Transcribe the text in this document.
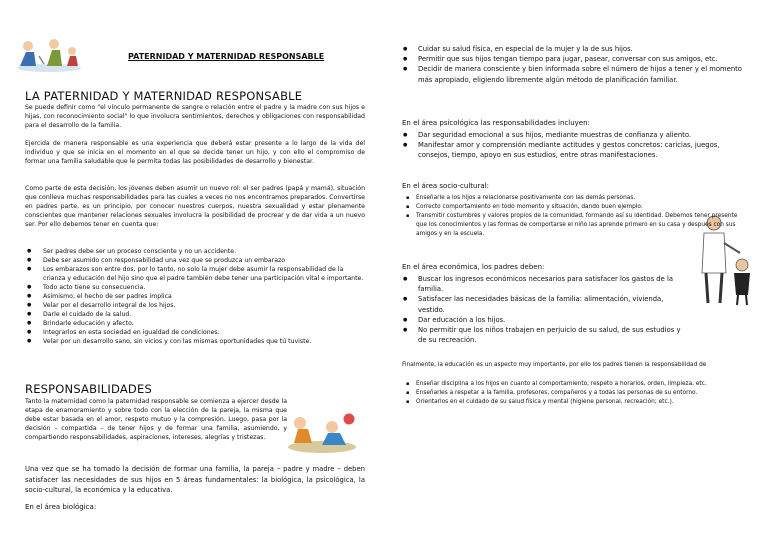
PATERNIDAD Y MATERNIDAD RESPONSABLE
LA PATERNIDAD Y MATERNIDAD RESPONSABLE

Se puede definir como "el vínculo permanente de sangre o relación entre el padre y la madre con sus hijos e hijas, con reconocimiento social" lo que involucra sentimientos, derechos y obligaciones con responsabilidad para el desarrollo de la familia.

Ejercida de manera responsable es una experiencia que deberá estar presente a lo largo de la vida del individuo y que se inicia en el momento en el que se decide tener un hijo, y con ello el compromiso de formar una familia saludable que le permita todas las posibilidades de desarrollo y bienestar.

Como parte de esta decisión, los jóvenes deben asumir un nuevo rol: el ser padres (papá y mamá), situación que conlleva muchas responsabilidades para las cuales a veces no nos encontramos preparados. Convertirse en padres parte, es un principio, por conocer nuestros cuerpos, nuestra sexualidad y estar plenamente conscientes que mantener relaciones sexuales involucra la posibilidad de procrear y de dar vida a un nuevo ser. Por ello debemos tener en cuenta que:

● Ser padres debe ser un proceso consciente y no un accidente.
● Debe ser asumido con responsabilidad una vez que se produzca un embarazo
● Los embarazos son entre dos, por lo tanto, no solo la mujer debe asumir la responsabilidad de la crianza y educación del hijo sino que el padre también debe tener una participación vital e importante.
● Todo acto tiene su consecuencia.
● Asimismo, el hecho de ser padres implica
● Velar por el desarrollo integral de los hijos.
● Darle el cuidado de la salud.
● Brindarle educación y afecto.
● Integrarlos en esta sociedad en igualdad de condiciones.
● Velar por un desarrollo sano, sin vicios y con las mismas oportunidades que tú tuviste.
RESPONSABILIDADES

Tanto la maternidad como la paternidad responsable se comienza a ejercer desde la etapa de enamoramiento y sobre todo con la elección de la pareja, la misma que debe estar basada en el amor, respeto mutuo y la compresión. Luego, pasa por la decisión – compartida – de tener hijos y de formar una familia, asumiendo, y compartiendo responsabilidades, aspiraciones, intereses, alegrías y tristezas.

Una vez que se ha tomado la decisión de formar una familia, la pareja – padre y madre – deben satisfacer las necesidades de sus hijos en 5 áreas fundamentales: la biológica, la psicológica, la socio-cultural, la económica y la educativa.

En el área biológica:
● Cuidar su salud física, en especial de la mujer y la de sus hijos.
● Permitir que sus hijos tengan tiempo para jugar, pasear, conversar con sus amigos, etc.
● Decidir de manera consciente y bien informada sobre el número de hijos a tener y el momento más apropiado, eligiendo libremente algún método de planificación familiar.
En el área psicológica las responsabilidades incluyen:
● Dar seguridad emocional a sus hijos, mediante muestras de confianza y aliento.
● Manifestar amor y comprensión mediante actitudes y gestos concretos: caricias, juegos, consejos, tiempo, apoyo en sus estudios, entre otras manifestaciones.
En el área socio-cultural:
▪ Enseñarle a los hijos a relacionarse positivamente con las demás personas.
▪ Correcto comportamiento en todo momento y situación, dando buen ejemplo.
▪ Transmitir costumbres y valores propios de la comunidad, formando así su identidad. Debemos tener presente que los conocimientos y las formas de comportarse el niño las aprende primero en su casa y después con sus amigos y en la escuela.
En el área económica, los padres deben:
● Buscar los ingresos económicos necesarios para satisfacer los gastos de la familia.
● Satisfacer las necesidades básicas de la familia: alimentación, vivienda, vestido.
● Dar educación a los hijos.
● No permitir que los niños trabajen en perjuicio de su salud, de sus estudios y de su recreación.

Finalmente, la educación es un aspecto muy importante, por ello los padres tienen la responsabilidad de

▪ Enseñar disciplina a los hijos en cuanto al comportamiento, respeto a horarios, orden, limpieza, etc.
▪ Enseñarles a respetar a la familia, profesores, compañeros y a todas las personas de su entorno.
▪ Orientarlos en el cuidado de su salud física y mental (higiene personal, recreación; etc.).
